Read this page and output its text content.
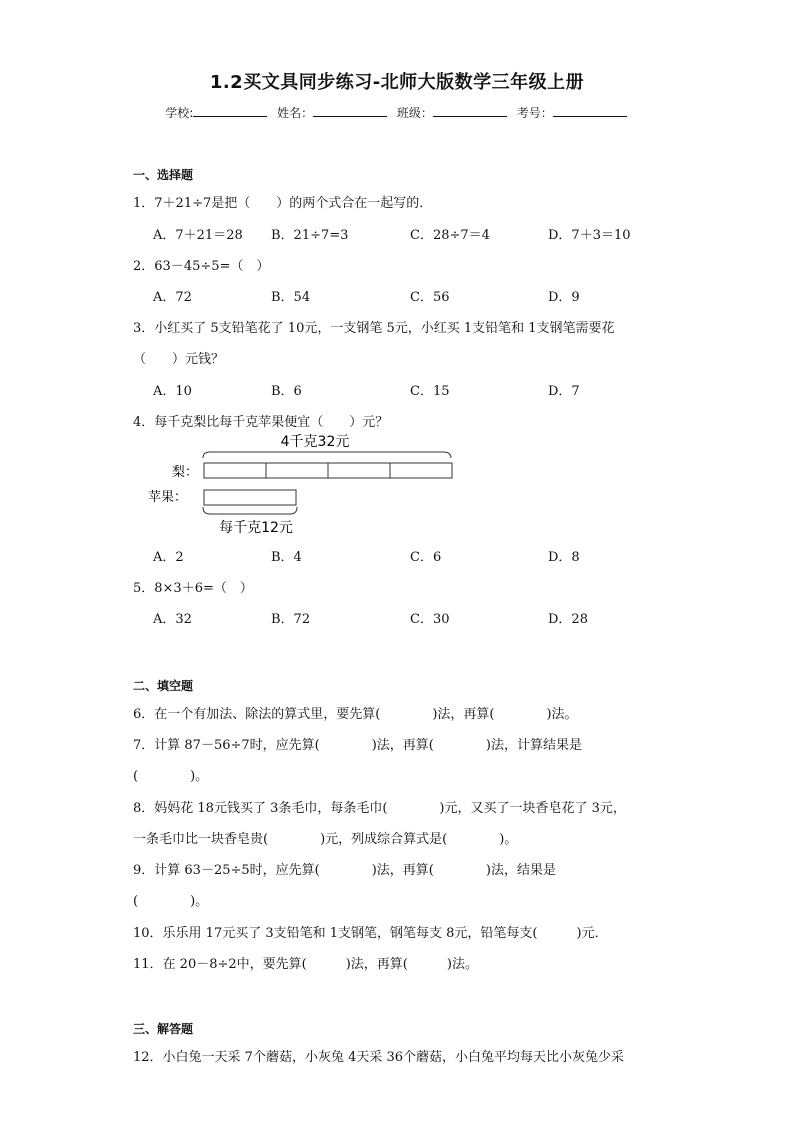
1.2买文具同步练习-北师大版数学三年级上册
学校:	姓名：	班级：	考号：
一、选择题
1．7＋21÷7是把（　　）的两个式合在一起写的．
A．7＋21＝28 B．21÷7=3	C．28÷7＝4	D．7＋3＝10
2．63－45÷5=（　）
A．72	B．54	C．56	D．9
3．小红买了 5支铅笔花了 10元，一支钢笔 5元，小红买 1支铅笔和 1支钢笔需要花
（　　）元钱？
A．10	B．6	C．15	D．7
4．每千克梨比每千克苹果便宜（　　）元？
4千克32元
梨：
苹果：
每千克12元
A．2	B．4	C．6	D．8
5．8×3＋6=（　）
A．32	B．72	C．30	D．28
二、填空题
6．在一个有加法、除法的算式里，要先算(　　　　)法，再算(　　　　)法。
7．计算 87－56÷7时，应先算(　　　　)法，再算(　　　　)法，计算结果是
(　　　　)。
8．妈妈花 18元钱买了 3条毛巾，每条毛巾(　　　　)元，又买了一块香皂花了 3元，
一条毛巾比一块香皂贵(　　　　)元，列成综合算式是(　　　　)。
9．计算 63－25÷5时，应先算(　　　　)法，再算(　　　　)法，结果是
(　　　　)。
10．乐乐用 17元买了 3支铅笔和 1支钢笔，钢笔每支 8元，铅笔每支(　　　)元．
11．在 20－8÷2中，要先算(　　　)法，再算(　　　)法。
三、解答题
12．小白兔一天采 7个蘑菇，小灰兔 4天采 36个蘑菇，小白兔平均每天比小灰兔少采
